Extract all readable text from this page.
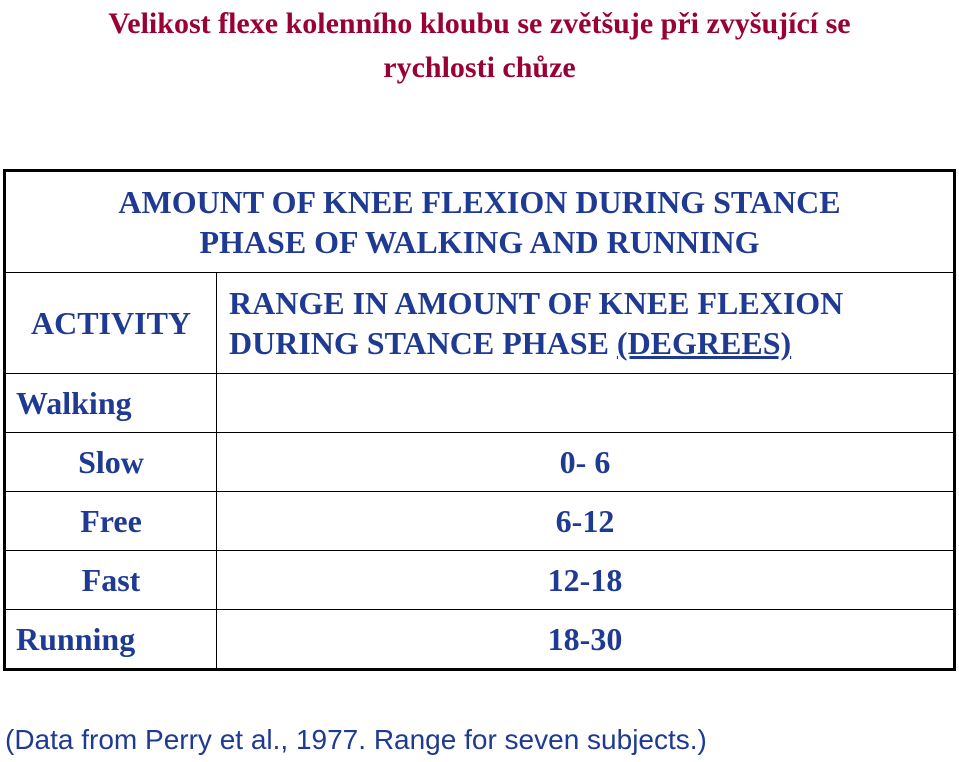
Velikost flexe kolenního kloubu se zvětšuje při zvyšující se
rychlosti chůze
AMOUNT OF KNEE FLEXION DURING STANCE
PHASE OF WALKING AND RUNNING	
ACTIVITY	RANGE IN AMOUNT OF KNEE FLEXION
DURING STANCE PHASE (DEGREES)

Walking	
Slow	0- 6
Free	6-12
Fast	12-18
Running	18-30

(Data from Perry et al., 1977. Range for seven subjects.)
